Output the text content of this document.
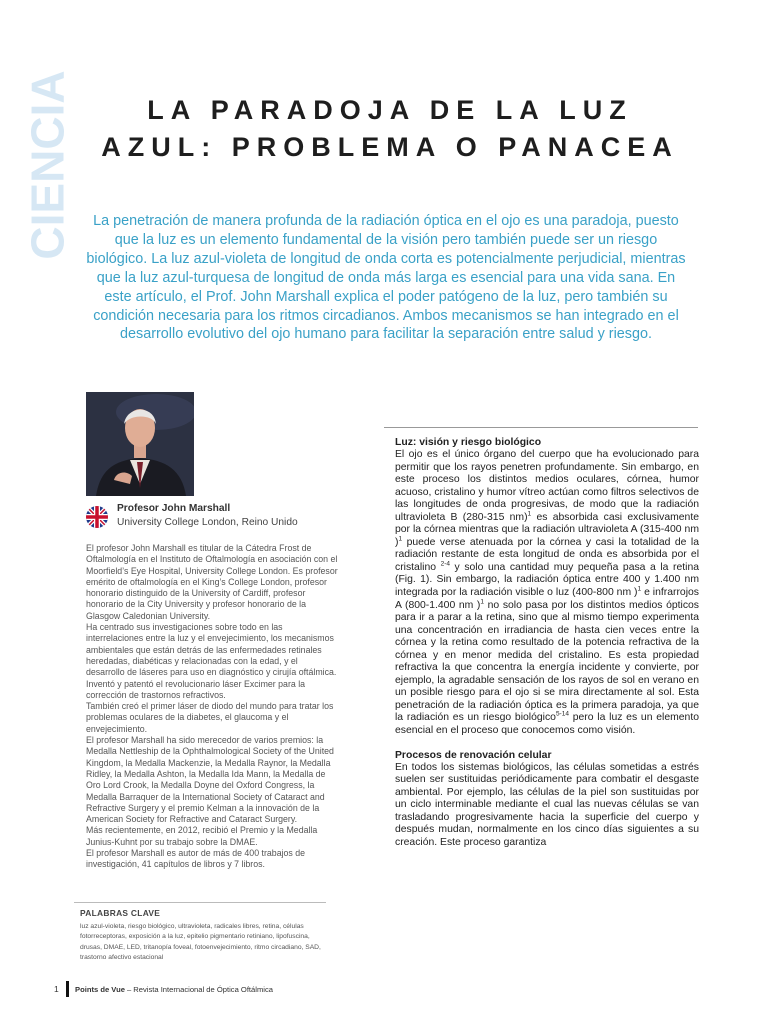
CIENCIA	LA PARADOJA DE LA LUZ
AZUL: PROBLEMA O PANACEA

La penetración de manera profunda de la radiación óptica en el ojo es una paradoja, puesto que la luz es un elemento fundamental de la visión pero también puede ser un riesgo biológico. La luz azul-violeta de longitud de onda corta es potencialmente perjudicial, mientras que la luz azul-turquesa de longitud de onda más larga es esencial para una vida sana. En este artículo, el Prof. John Marshall explica el poder patógeno de la luz, pero también su condición necesaria para los ritmos circadianos. Ambos mecanismos se han integrado en el desarrollo evolutivo del ojo humano para facilitar la separación entre salud y riesgo.

Profesor John Marshall
University College London, Reino Unido

El profesor John Marshall es titular de la Cátedra Frost de Oftalmología en el Instituto de Oftalmología en asociación con el Moorfield’s Eye Hospital, University College London. Es profesor emérito de oftalmología en el King’s College London, profesor honorario distinguido de la University of Cardiff, profesor honorario de la City University y profesor honorario de la Glasgow Caledonian University.

Ha centrado sus investigaciones sobre todo en las interrelaciones entre la luz y el envejecimiento, los mecanismos ambientales que están detrás de las enfermedades retinales heredadas, diabéticas y relacionadas con la edad, y el desarrollo de láseres para uso en diagnóstico y cirujía oftálmica.

Inventó y patentó el revolucionario láser Excimer para la corrección de trastornos refractivos.

También creó el primer láser de diodo del mundo para tratar los problemas oculares de la diabetes, el glaucoma y el envejecimiento.

El profesor Marshall ha sido merecedor de varios premios: la Medalla Nettleship de la Ophthalmological Society of the United Kingdom, la Medalla Mackenzie, la Medalla Raynor, la Medalla Ridley, la Medalla Ashton, la Medalla Ida Mann, la Medalla de Oro Lord Crook, la Medalla Doyne del Oxford Congress, la Medalla Barraquer de la International Society of Cataract and Refractive Surgery y el premio Kelman a la innovación de la American Society for Refractive and Cataract Surgery.

Más recientemente, en 2012, recibió el Premio y la Medalla Junius-Kuhnt por su trabajo sobre la DMAE.

El profesor Marshall es autor de más de 400 trabajos de investigación, 41 capítulos de libros y 7 libros.

PALABRAS CLAVE
luz azul-violeta, riesgo biológico, ultravioleta, radicales libres, retina, células fotorreceptoras, exposición a la luz, epitelio pigmentario retiniano, lipofuscina, drusas, DMAE, LED, tritanopía foveal, fotoenvejecimiento, ritmo circadiano, SAD, trastorno afectivo estacional
Luz: visión y riesgo biológico

El ojo es el único órgano del cuerpo que ha evolucionado para permitir que los rayos penetren profundamente. Sin embargo, en este proceso los distintos medios oculares, córnea, humor acuoso, cristalino y humor vítreo actúan como filtros selectivos de las longitudes de onda progresivas, de modo que la radiación ultravioleta B (280-315 nm)$^1$ es absorbida casi exclusivamente por la córnea mientras que la radiación ultravioleta A (315-400 nm )$^1$ puede verse atenuada por la córnea y casi la totalidad de la radiación restante de esta longitud de onda es absorbida por el cristalino $^{2-4}$ y solo una cantidad muy pequeña pasa a la retina (Fig. 1). Sin embargo, la radiación óptica entre 400 y 1.400 nm integrada por la radiación visible o luz (400-800 nm )$^1$ e infrarrojos A (800-1.400 nm )$^1$ no solo pasa por los distintos medios ópticos para ir a parar a la retina, sino que al mismo tiempo experimenta una concentración en irradiancia de hasta cien veces entre la córnea y la retina como resultado de la potencia refractiva de la córnea y en menor medida del cristalino. Es esta propiedad refractiva la que concentra la energía incidente y convierte, por ejemplo, la agradable sensación de los rayos de sol en verano en un posible riesgo para el ojo si se mira directamente al sol. Esta penetración de la radiación óptica es la primera paradoja, ya que la radiación es un riesgo biológico$^{5-14}$ pero la luz es un elemento esencial en el proceso que conocemos como visión.

Procesos de renovación celular

En todos los sistemas biológicos, las células sometidas a estrés suelen ser sustituidas periódicamente para combatir el desgaste ambiental. Por ejemplo, las células de la piel son sustituidas por un ciclo interminable mediante el cual las nuevas células se van trasladando progresivamente hacia la superficie del cuerpo y después mudan, normalmente en los cinco días siguientes a su creación. Este proceso garantiza

1	Points de Vue – Revista Internacional de Óptica Oftálmica
